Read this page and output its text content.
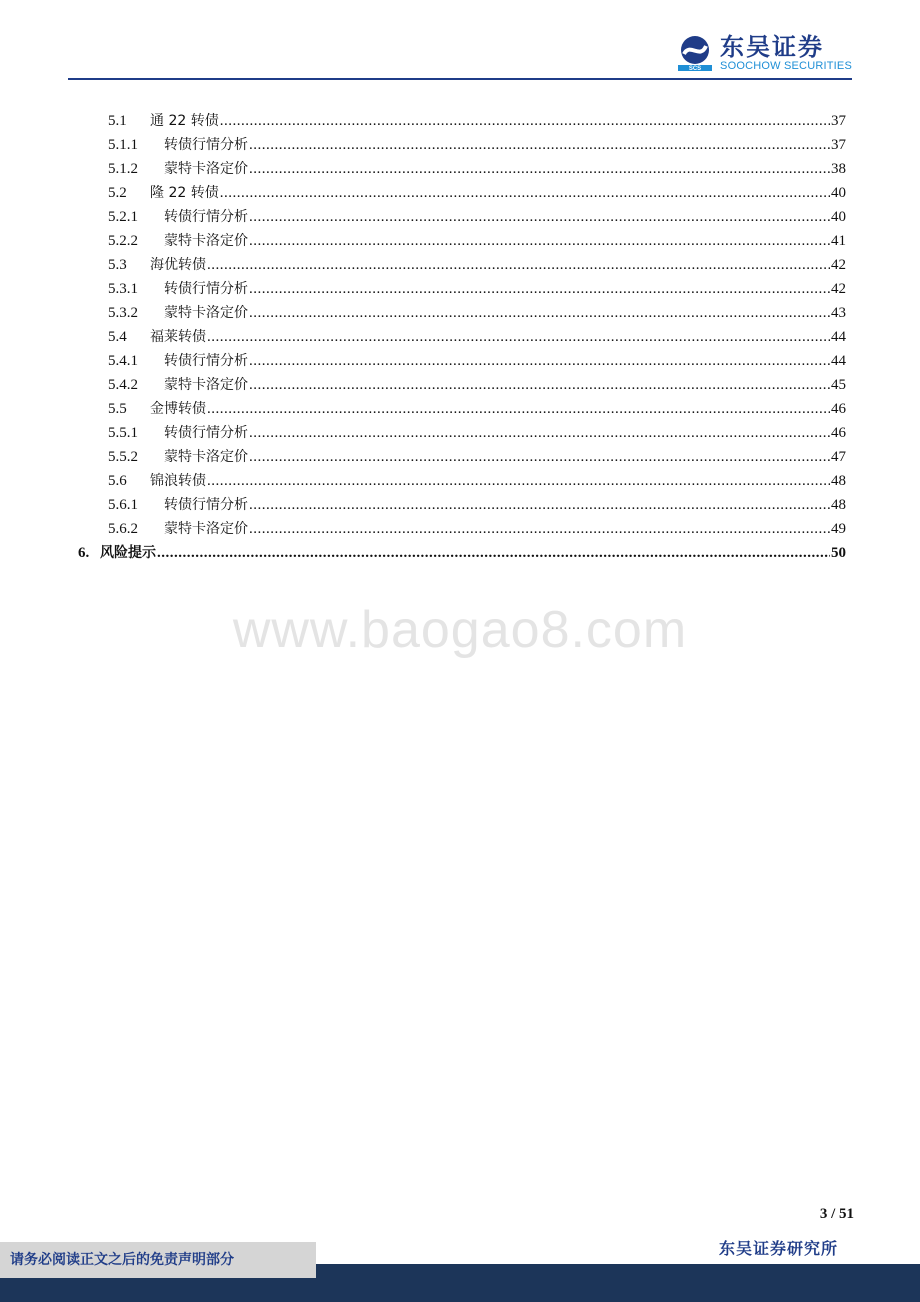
SCS
东吴证券
SOOCHOW SECURITIES
5.1	通 22 转债 .....	37
5.1.1	转债行情分析 .....	37
5.1.2	蒙特卡洛定价 .....	38
5.2	隆 22 转债 .....	40
5.2.1	转债行情分析 .....	40
5.2.2	蒙特卡洛定价 .....	41
5.3	海优转债 .....	42
5.3.1	转债行情分析 .....	42
5.3.2	蒙特卡洛定价 .....	43
5.4	福莱转债 .....	44
5.4.1	转债行情分析 .....	44
5.4.2	蒙特卡洛定价 .....	45
5.5	金博转债 .....	46
5.5.1	转债行情分析 .....	46
5.5.2	蒙特卡洛定价 .....	47
5.6	锦浪转债 .....	48
5.6.1	转债行情分析 .....	48
5.6.2	蒙特卡洛定价 .....	49
6. 风险提示 .....	50
www.baogao8.com
3 / 51
东吴证券研究所
请务必阅读正文之后的免责声明部分
